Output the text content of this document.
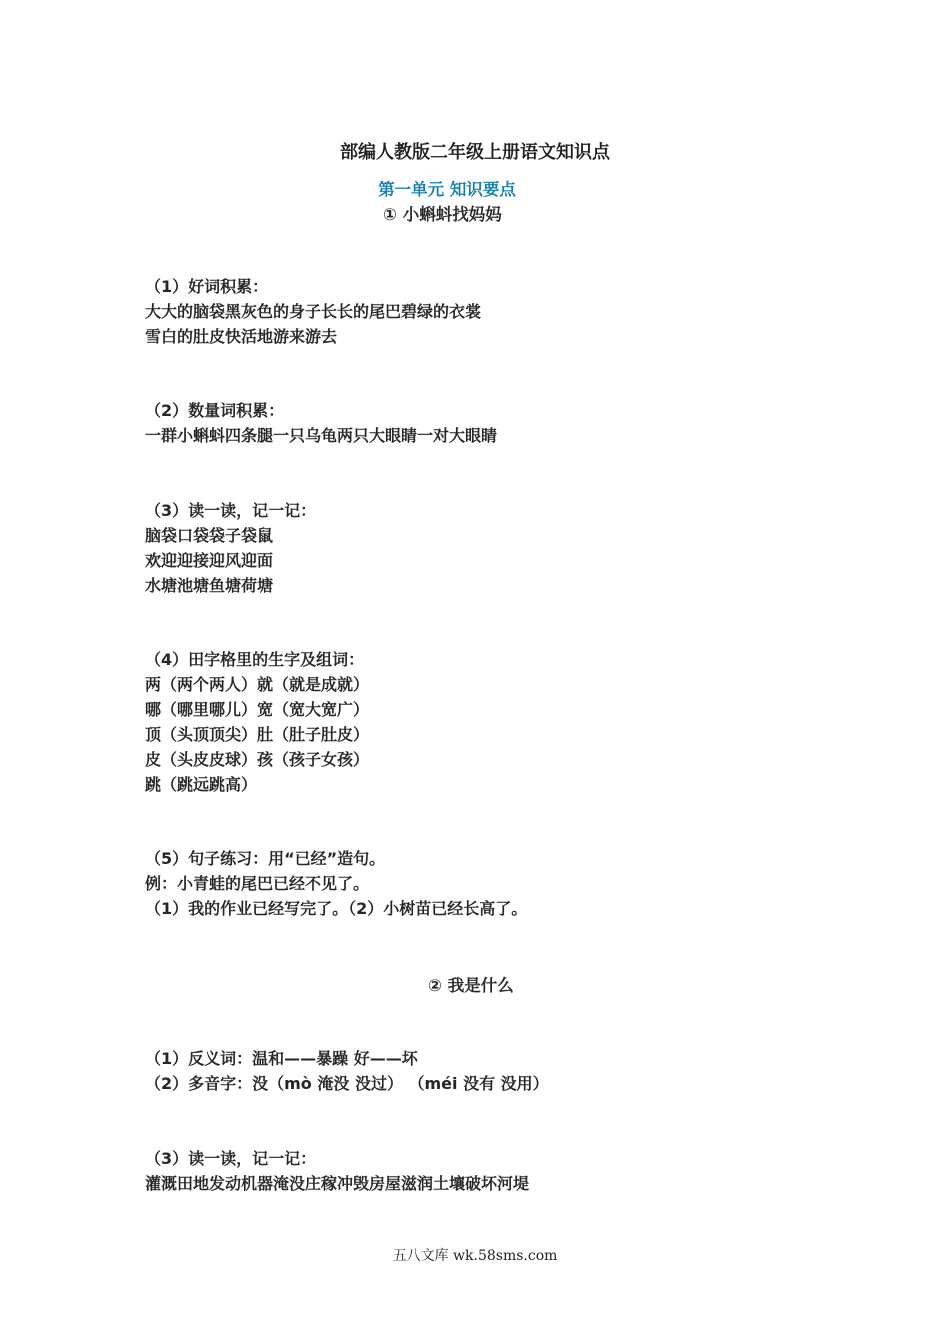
部编人教版二年级上册语文知识点
第一单元 知识要点
① 小蝌蚪找妈妈
（1）好词积累：
大大的脑袋黑灰色的身子长长的尾巴碧绿的衣裳
雪白的肚皮快活地游来游去
（2）数量词积累：
一群小蝌蚪四条腿一只乌龟两只大眼睛一对大眼睛
（3）读一读，记一记：
脑袋口袋袋子袋鼠
欢迎迎接迎风迎面
水塘池塘鱼塘荷塘
（4）田字格里的生字及组词：
两（两个两人）就（就是成就）
哪（哪里哪儿）宽（宽大宽广）
顶（头顶顶尖）肚（肚子肚皮）
皮（头皮皮球）孩（孩子女孩）
跳（跳远跳高）
（5）句子练习：用“已经”造句。
例：小青蛙的尾巴已经不见了。
（1）我的作业已经写完了。（2）小树苗已经长高了。
② 我是什么
（1）反义词：温和——暴躁 好——坏
（2）多音字：没（mò 淹没 没过） （méi 没有 没用）
（3）读一读，记一记：
灌溉田地发动机器淹没庄稼冲毁房屋滋润土壤破坏河堤
五八文库 wk.58sms.com
